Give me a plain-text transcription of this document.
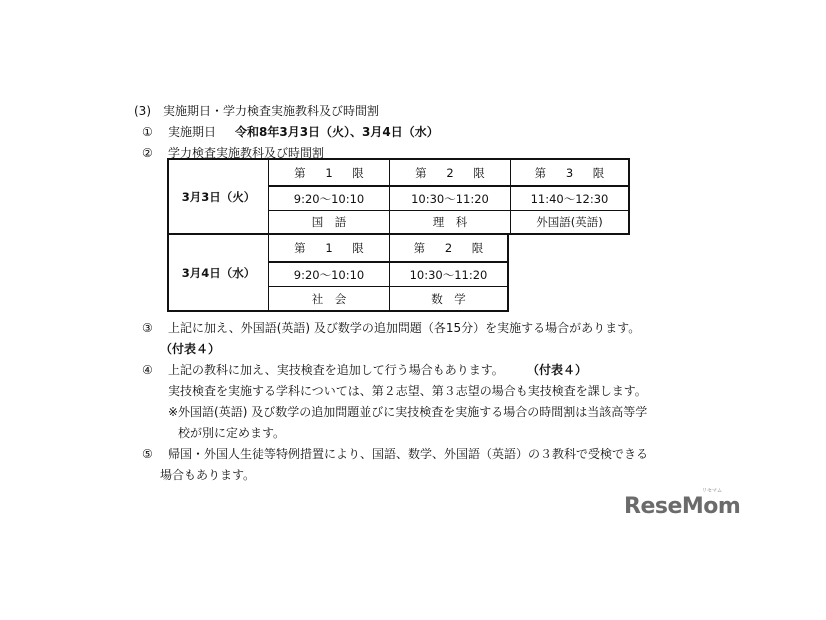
(3)　実施期日・学力検査実施教科及び時間割
① 実施期日 令和8年3月3日（火）、3月4日（水）
② 学力検査実施教科及び時間割
3月3日（火）
第 1 限	第 2 限	第 3 限
9:20～10:10	10:30～11:20	11:40～12:30
国　語	理　科	外国語(英語)
3月4日（水）
第 1 限	第 2 限
9:20～10:10	10:30～11:20
社　会	数　学
③ 上記に加え、外国語(英語) 及び数学の追加問題（各15分）を実施する場合があります。
（付表４）
④ 上記の教科に加え、実技検査を追加して行う場合もあります。 （付表４）
実技検査を実施する学科については、第２志望、第３志望の場合も実技検査を課します。
※外国語(英語) 及び数学の追加問題並びに実技検査を実施する場合の時間割は当該高等学
校が別に定めます。
⑤ 帰国・外国人生徒等特例措置により、国語、数学、外国語（英語）の３教科で受検できる
場合もあります。
リセマム
ReseMom
